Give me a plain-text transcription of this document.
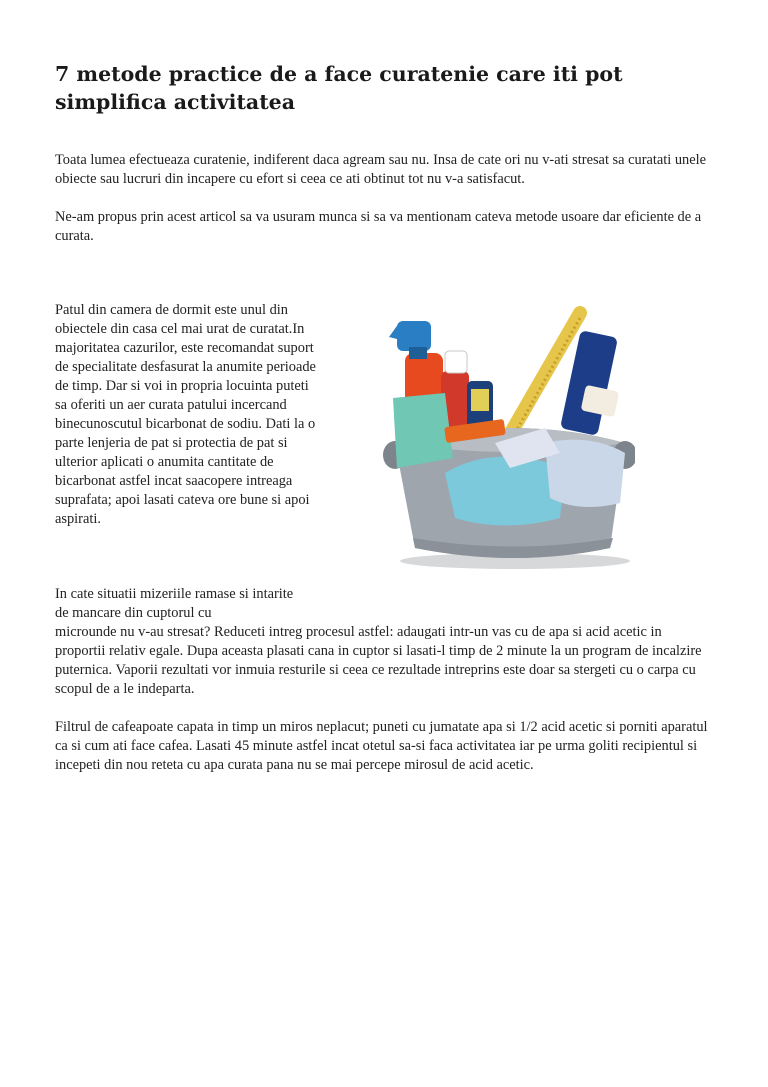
7 metode practice de a face curatenie care iti pot simplifica activitatea

Toata lumea efectueaza curatenie, indiferent daca agream sau nu. Insa de cate ori nu v-ati stresat sa curatati unele obiecte sau lucruri din incapere cu efort si ceea ce ati obtinut tot nu v-a satisfacut.

Ne-am propus prin acest articol sa va usuram munca si sa va mentionam cateva metode usoare dar eficiente de a curata.

Patul din camera de dormit este unul din obiectele din casa cel mai urat de curatat.In majoritatea cazurilor, este recomandat suport de specialitate desfasurat la anumite perioade de timp. Dar si voi in propria locuinta puteti sa oferiti un aer curata patului incercand binecunoscutul bicarbonat de sodiu. Dati la o parte lenjeria de pat si protectia de pat si ulterior aplicati o anumita cantitate de bicarbonat astfel incat saacopere intreaga suprafata; apoi lasati cateva ore bune si apoi aspirati.

In cate situatii mizeriile ramase si intarite de mancare din cuptorul cu

microunde nu v-au stresat? Reduceti intreg procesul astfel: adaugati intr-un vas cu de apa si acid acetic in proportii relativ egale. Dupa aceasta plasati cana in cuptor si lasati-l timp de 2 minute la un program de incalzire puternica. Vaporii rezultati vor inmuia resturile si ceea ce rezultade intreprins este doar sa stergeti cu o carpa cu scopul de a le indeparta.

Filtrul de cafeapoate capata in timp un miros neplacut; puneti cu jumatate apa si 1/2 acid acetic si porniti aparatul ca si cum ati face cafea. Lasati 45 minute astfel incat otetul sa-si faca activitatea iar pe urma goliti recipientul si incepeti din nou reteta cu apa curata pana nu se mai percepe mirosul de acid acetic.
